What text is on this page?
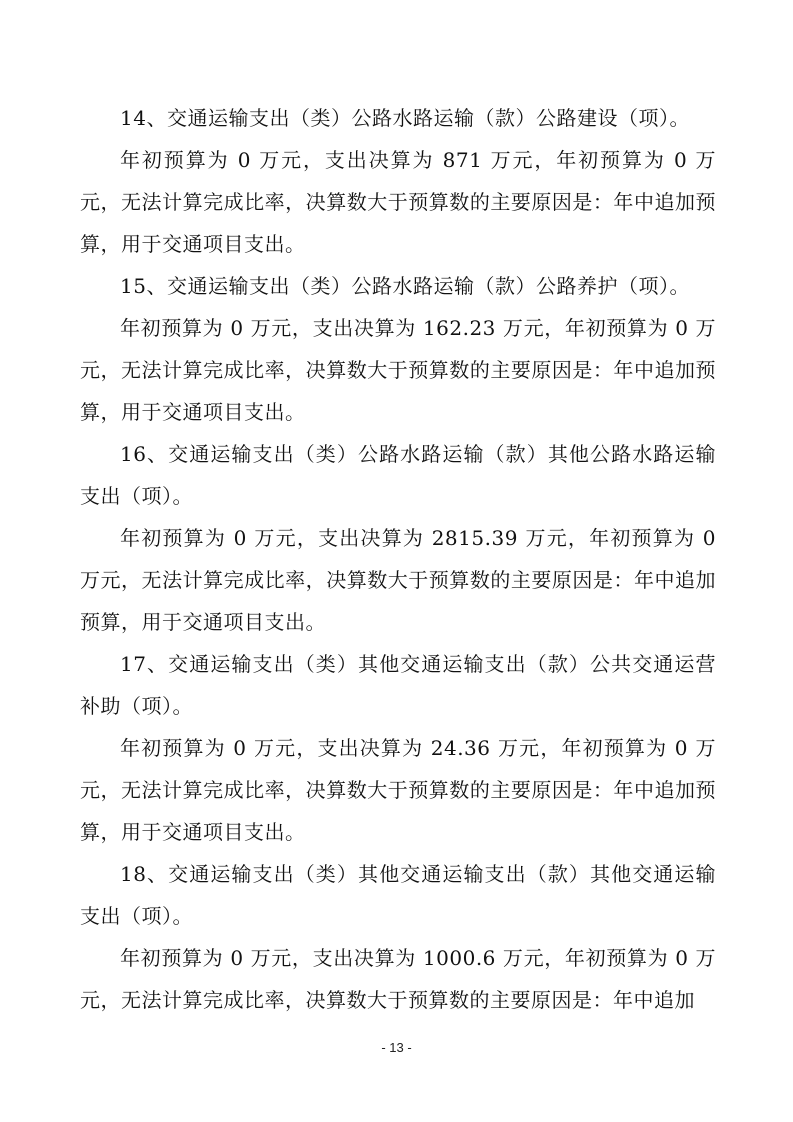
14、交通运输支出（类）公路水路运输（款）公路建设（项）。

年初预算为 0 万元，支出决算为 871 万元，年初预算为 0 万元，无法计算完成比率，决算数大于预算数的主要原因是：年中追加预算，用于交通项目支出。

15、交通运输支出（类）公路水路运输（款）公路养护（项）。

年初预算为 0 万元，支出决算为 162.23 万元，年初预算为 0 万元，无法计算完成比率，决算数大于预算数的主要原因是：年中追加预算，用于交通项目支出。

16、交通运输支出（类）公路水路运输（款）其他公路水路运输支出（项）。

年初预算为 0 万元，支出决算为 2815.39 万元，年初预算为 0 万元，无法计算完成比率，决算数大于预算数的主要原因是：年中追加预算，用于交通项目支出。

17、交通运输支出（类）其他交通运输支出（款）公共交通运营补助（项）。

年初预算为 0 万元，支出决算为 24.36 万元，年初预算为 0 万元，无法计算完成比率，决算数大于预算数的主要原因是：年中追加预算，用于交通项目支出。

18、交通运输支出（类）其他交通运输支出（款）其他交通运输支出（项）。

年初预算为 0 万元，支出决算为 1000.6 万元，年初预算为 0 万元，无法计算完成比率，决算数大于预算数的主要原因是：年中追加

- 13 -
